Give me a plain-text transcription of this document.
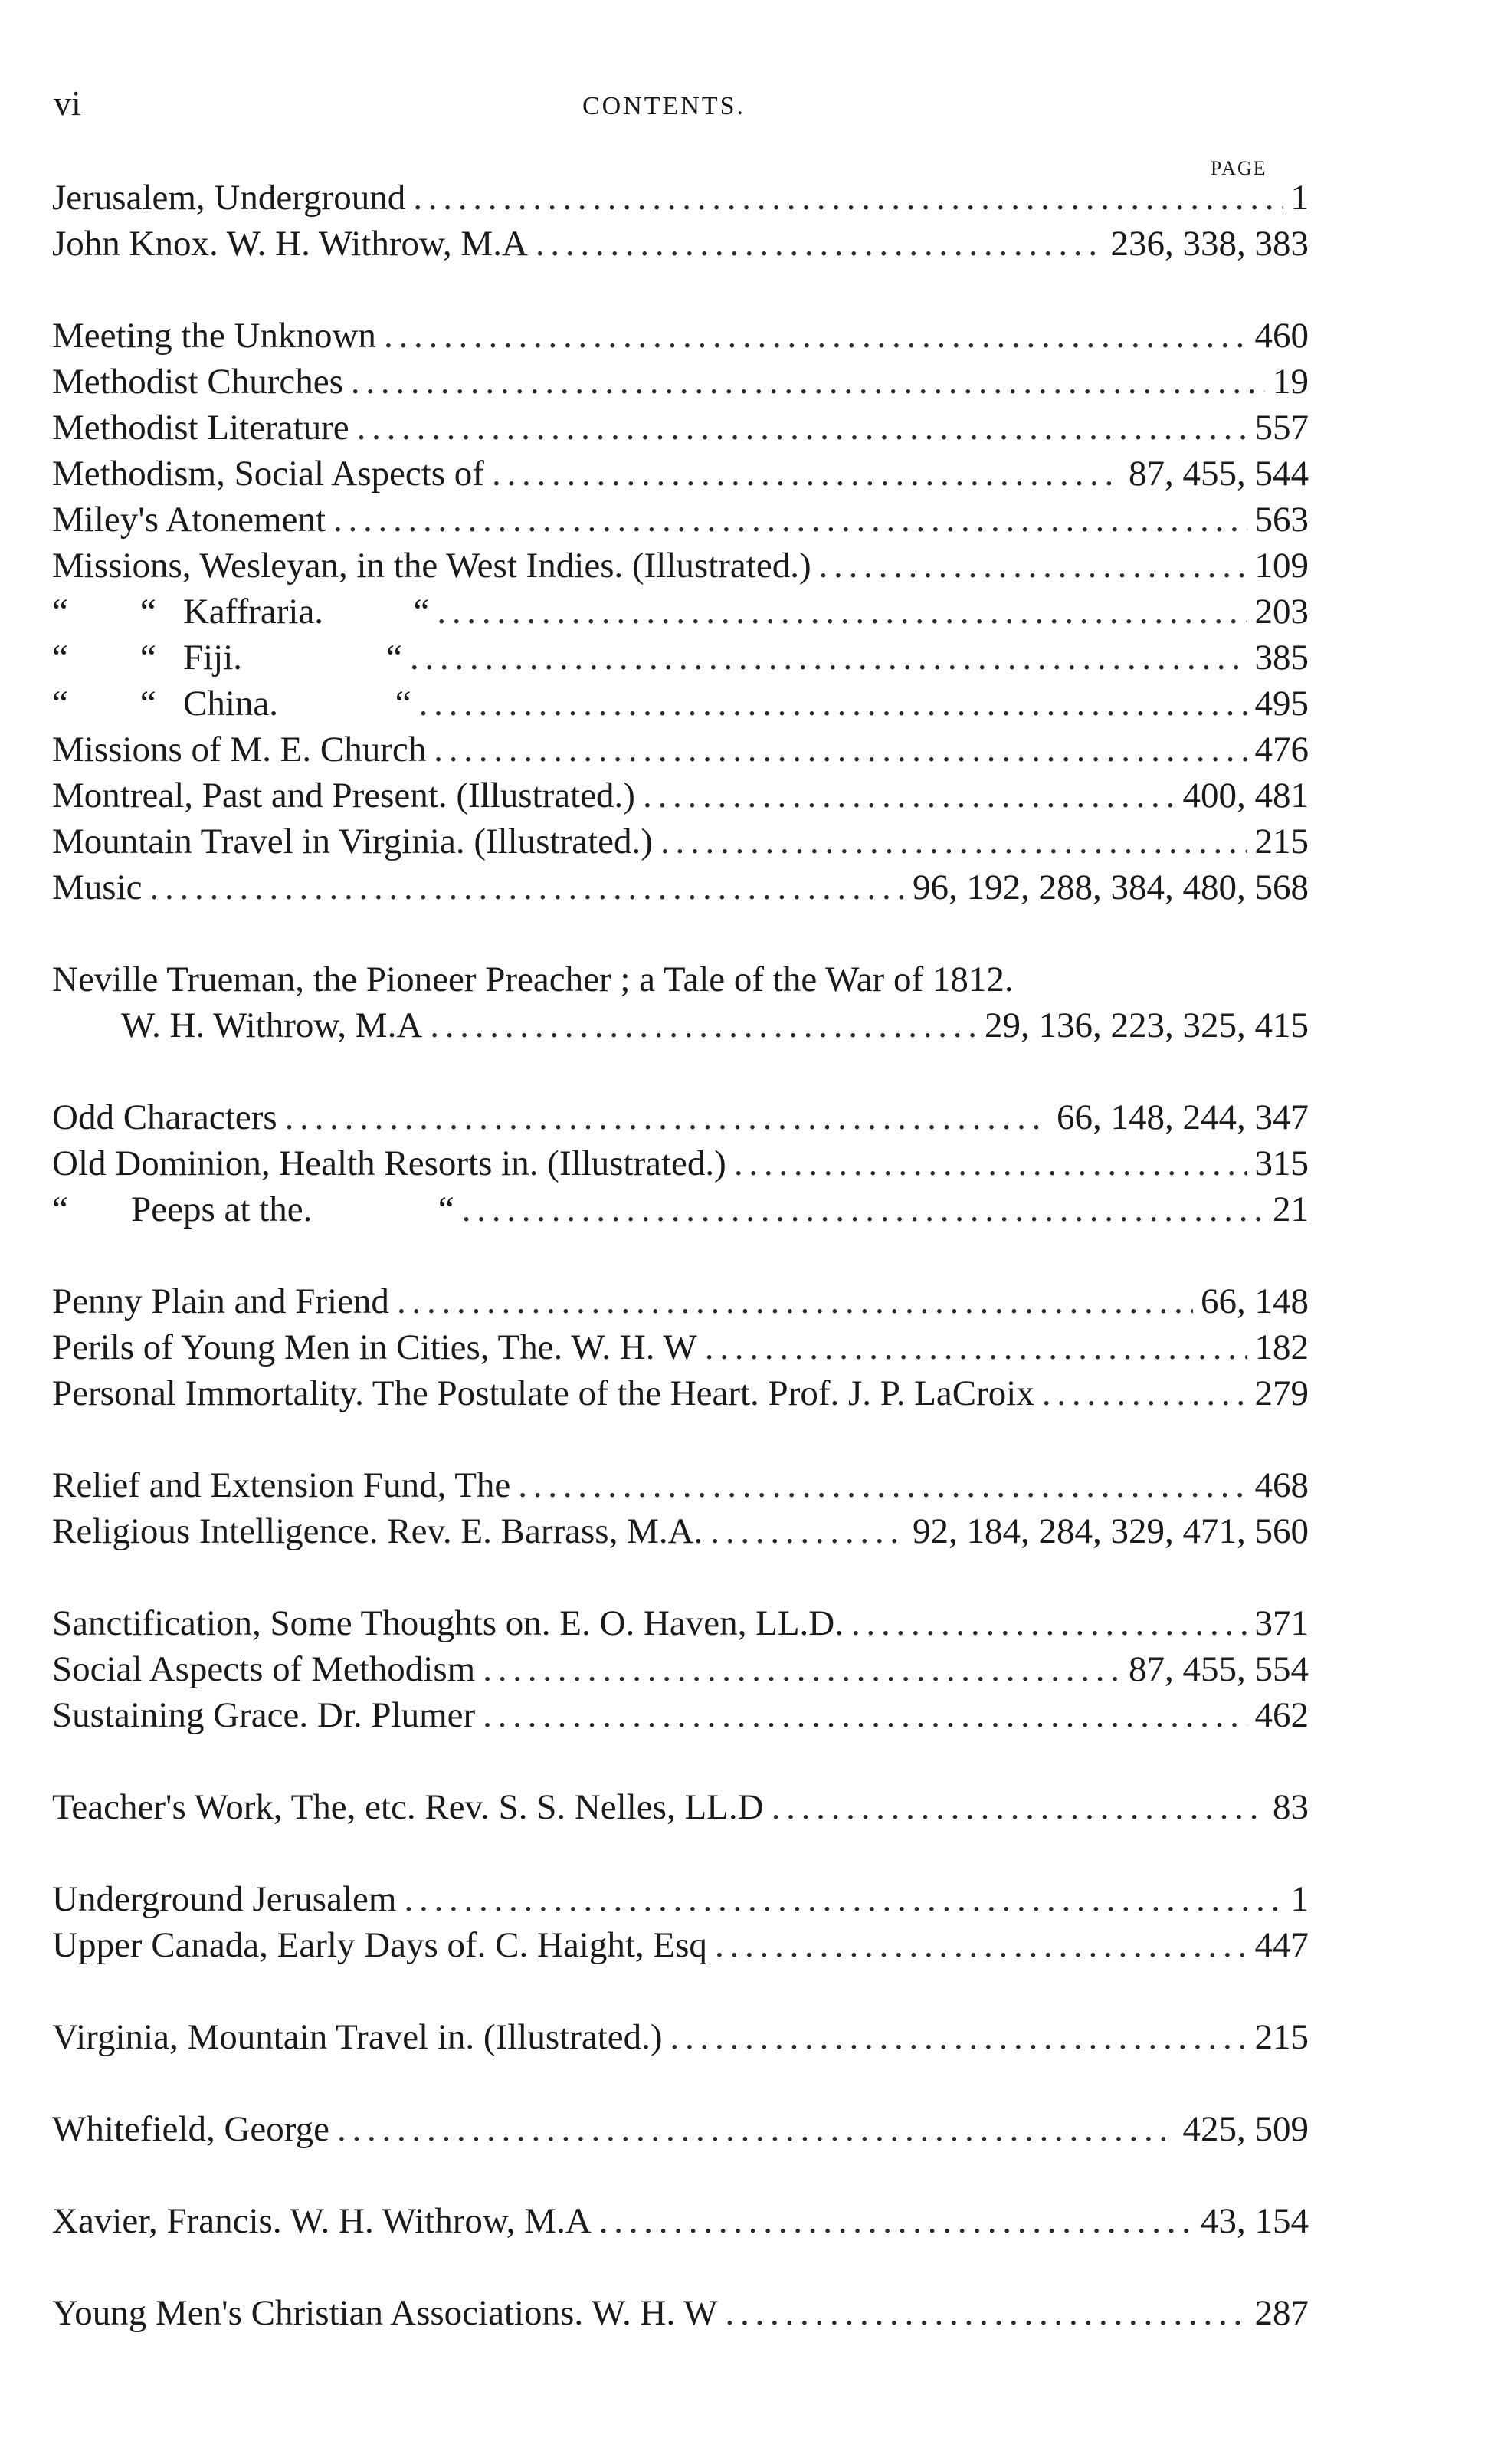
vi	CONTENTS.
PAGE
Jerusalem, Underground . . .	1
John Knox. W. H. Withrow, M.A . . .	236, 338, 383
Meeting the Unknown . . .	460
Methodist Churches . . .	19
Methodist Literature . . .	557
Methodism, Social Aspects of . . .	87, 455, 544
Miley's Atonement . . .	563
Missions, Wesleyan, in the West Indies. (Illustrated.) . . .	109
“        “   Kaffraria.          “ . . .	203
“        “   Fiji.                “ . . .	385
“        “   China.             “ . . .	495
Missions of M. E. Church . . .	476
Montreal, Past and Present. (Illustrated.) . . .	400, 481
Mountain Travel in Virginia. (Illustrated.) . . .	215
Music . . .	96, 192, 288, 384, 480, 568
Neville Trueman, the Pioneer Preacher ; a Tale of the War of 1812.
W. H. Withrow, M.A . . .	29, 136, 223, 325, 415
Odd Characters . . .	66, 148, 244, 347
Old Dominion, Health Resorts in. (Illustrated.) . . .	315
“       Peeps at the.              “ . . .	21
Penny Plain and Friend . . .	66, 148
Perils of Young Men in Cities, The. W. H. W . . .	182
Personal Immortality. The Postulate of the Heart. Prof. J. P. LaCroix . . .	279
Relief and Extension Fund, The . . .	468
Religious Intelligence. Rev. E. Barrass, M.A. . . .	92, 184, 284, 329, 471, 560
Sanctification, Some Thoughts on. E. O. Haven, LL.D. . . .	371
Social Aspects of Methodism . . .	87, 455, 554
Sustaining Grace. Dr. Plumer . . .	462
Teacher's Work, The, etc. Rev. S. S. Nelles, LL.D . . .	83
Underground Jerusalem . . .	1
Upper Canada, Early Days of. C. Haight, Esq . . .	447
Virginia, Mountain Travel in. (Illustrated.) . . .	215
Whitefield, George . . .	425, 509
Xavier, Francis. W. H. Withrow, M.A . . .	43, 154
Young Men's Christian Associations. W. H. W . . .	287
